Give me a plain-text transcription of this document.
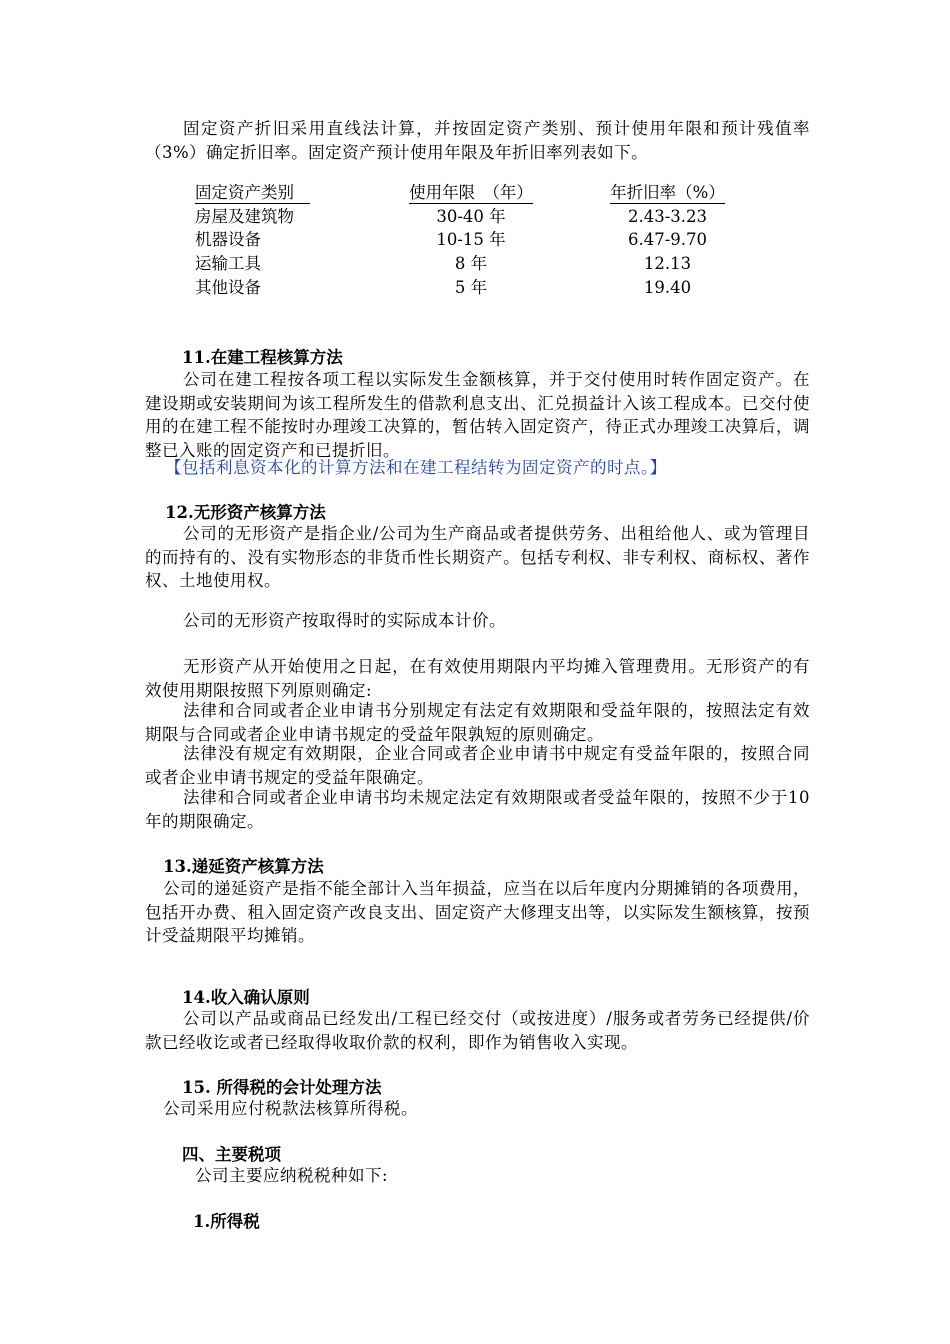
固定资产折旧采用直线法计算，并按固定资产类别、预计使用年限和预计残值率（3%）确定折旧率。固定资产预计使用年限及年折旧率列表如下。
固定资产类别	使用年限　（年）	年折旧率（%）
房屋及建筑物	30-40 年	2.43-3.23
机器设备	10-15 年	6.47-9.70
运输工具	8 年	12.13
其他设备	5 年	19.40
11.在建工程核算方法
公司在建工程按各项工程以实际发生金额核算，并于交付使用时转作固定资产。在建设期或安装期间为该工程所发生的借款利息支出、汇兑损益计入该工程成本。已交付使用的在建工程不能按时办理竣工决算的，暂估转入固定资产，待正式办理竣工决算后，调整已入账的固定资产和已提折旧。
【包括利息资本化的计算方法和在建工程结转为固定资产的时点。】
12.无形资产核算方法
公司的无形资产是指企业/公司为生产商品或者提供劳务、出租给他人、或为管理目的而持有的、没有实物形态的非货币性长期资产。包括专利权、非专利权、商标权、著作权、土地使用权。
公司的无形资产按取得时的实际成本计价。
无形资产从开始使用之日起，在有效使用期限内平均摊入管理费用。无形资产的有效使用期限按照下列原则确定:
法律和合同或者企业申请书分别规定有法定有效期限和受益年限的，按照法定有效期限与合同或者企业申请书规定的受益年限孰短的原则确定。
法律没有规定有效期限，企业合同或者企业申请书中规定有受益年限的，按照合同或者企业申请书规定的受益年限确定。
法律和合同或者企业申请书均未规定法定有效期限或者受益年限的，按照不少于10年的期限确定。
13.递延资产核算方法
公司的递延资产是指不能全部计入当年损益，应当在以后年度内分期摊销的各项费用，包括开办费、租入固定资产改良支出、固定资产大修理支出等，以实际发生额核算，按预计受益期限平均摊销。
14.收入确认原则
公司以产品或商品已经发出/工程已经交付（或按进度）/服务或者劳务已经提供/价款已经收讫或者已经取得收取价款的权利，即作为销售收入实现。
15. 所得税的会计处理方法
公司采用应付税款法核算所得税。
四、主要税项
公司主要应纳税税种如下:
1.所得税
